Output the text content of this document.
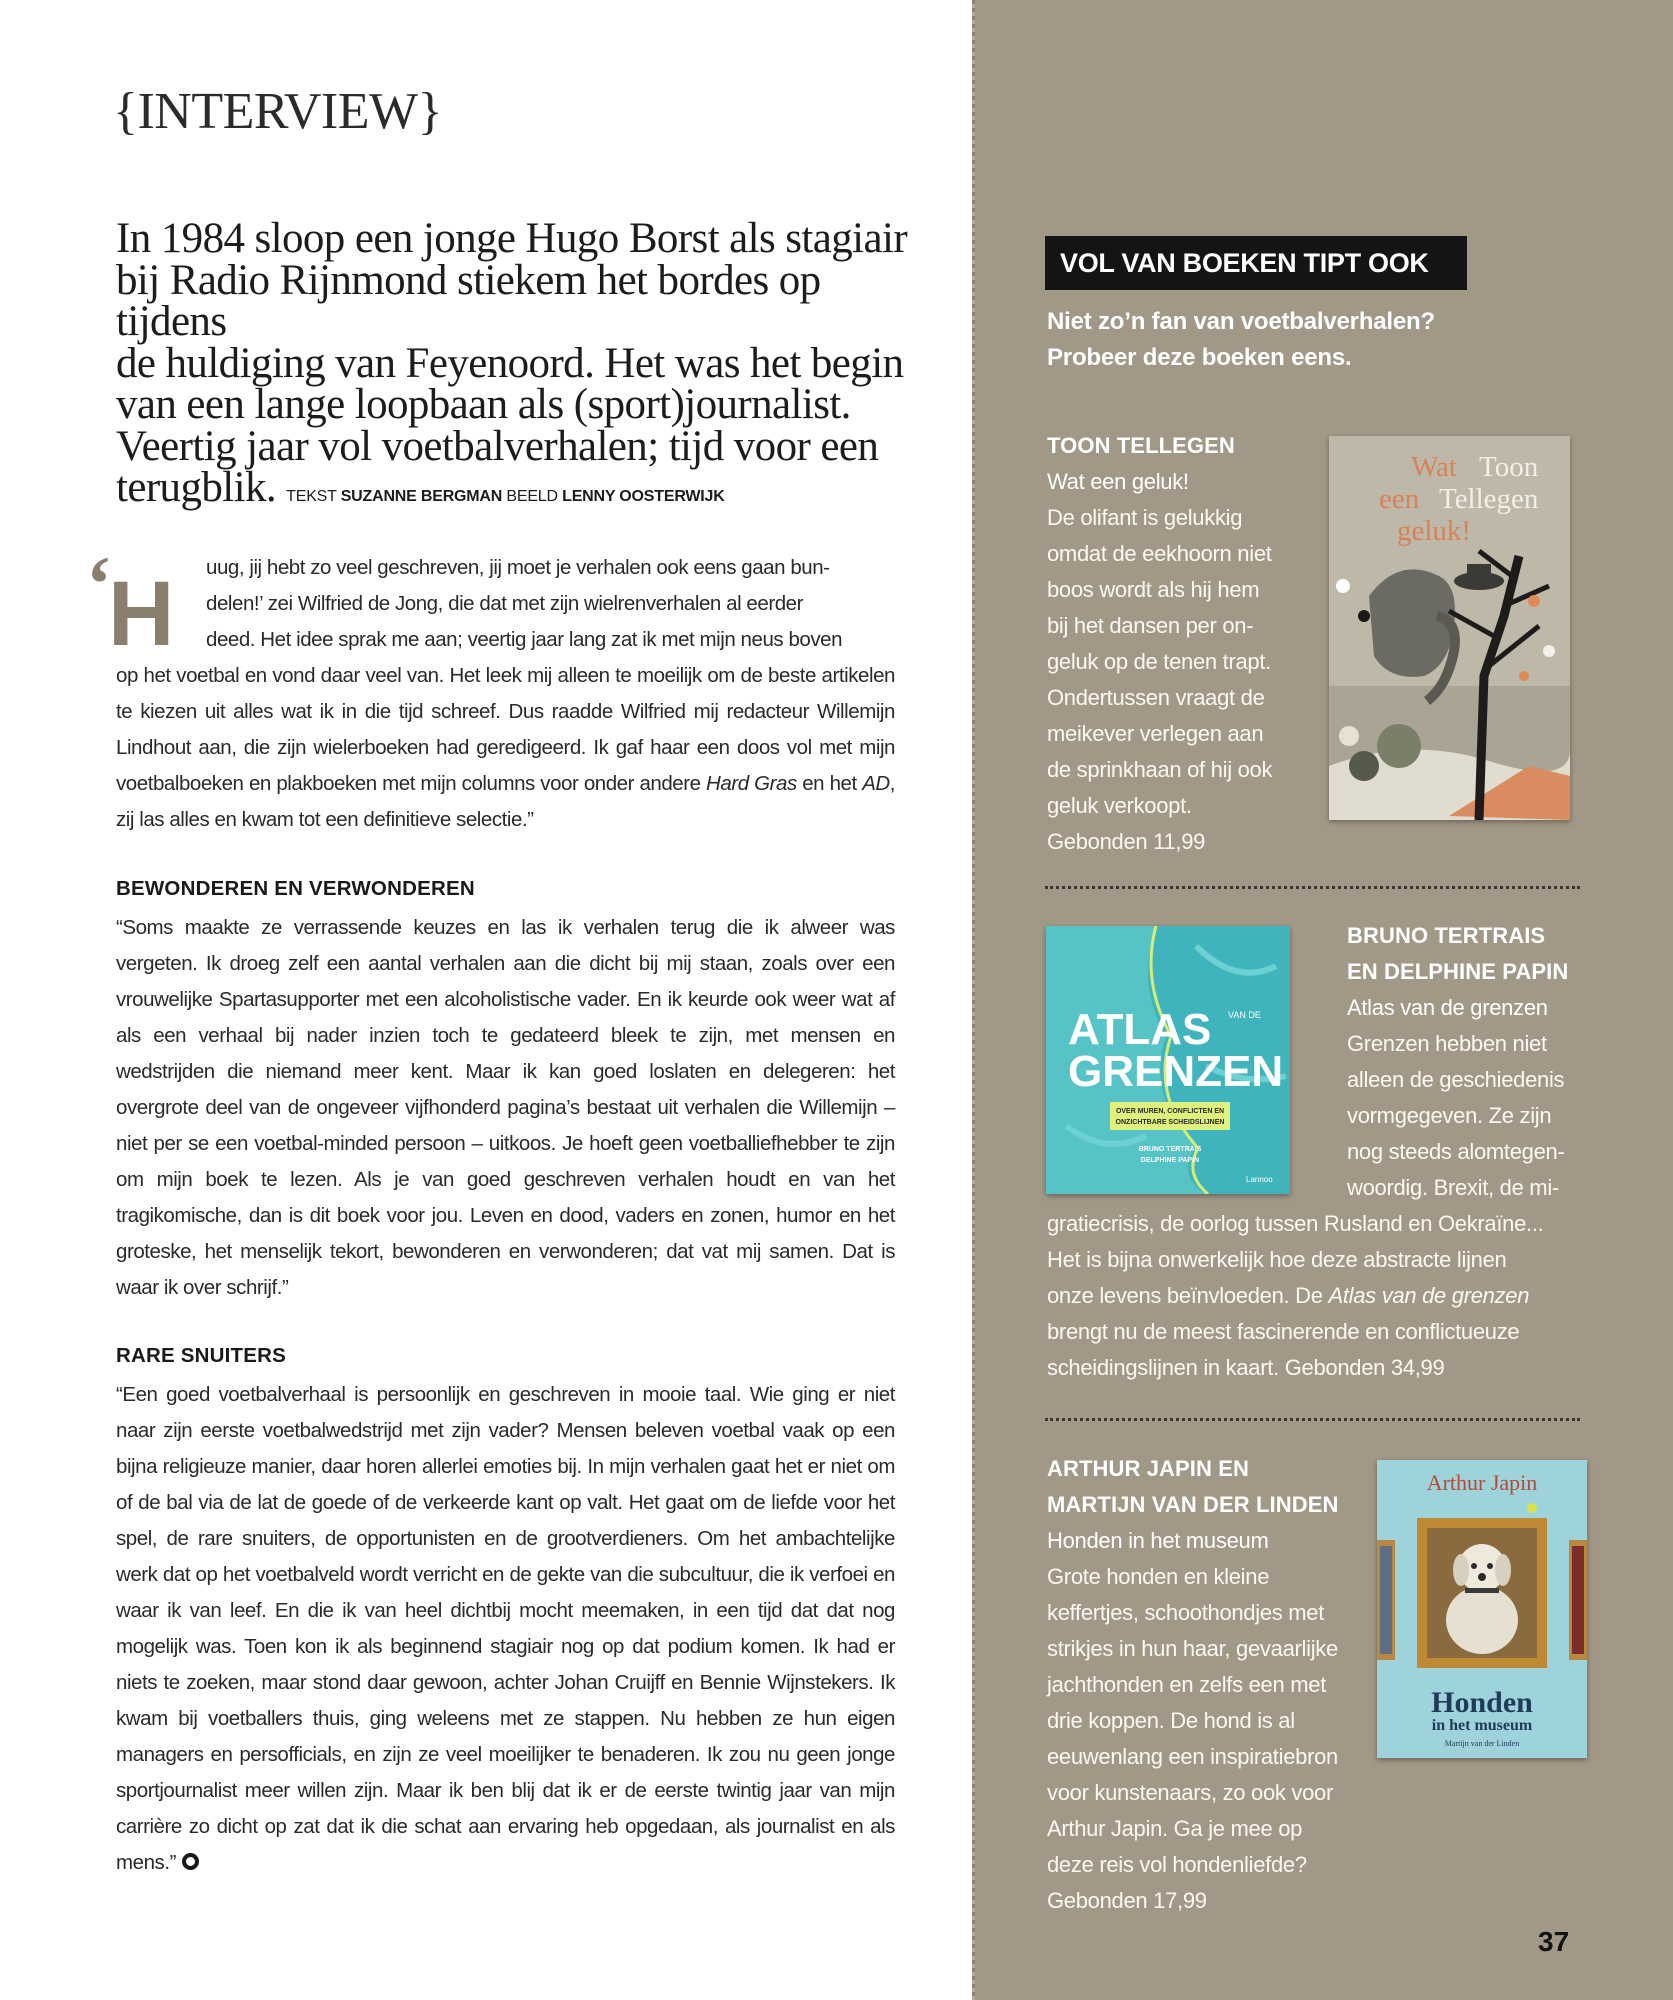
{INTERVIEW}
In 1984 sloop een jonge Hugo Borst als stagiair
bij Radio Rijnmond stiekem het bordes op tijdens
de huldiging van Feyenoord. Het was het begin
van een lange loopbaan als (sport)journalist.
Veertig jaar vol voetbalverhalen; tijd voor een
terugblik. TEKST SUZANNE BERGMAN BEELD LENNY OOSTERWIJK
‘
H uug, jij hebt zo veel geschreven, jij moet je verhalen ook eens gaan bun-
delen!’ zei Wilfried de Jong, die dat met zijn wielrenverhalen al eerder
deed. Het idee sprak me aan; veertig jaar lang zat ik met mijn neus boven

op het voetbal en vond daar veel van. Het leek mij alleen te moeilijk om de beste artikelen te kiezen uit alles wat ik in die tijd schreef. Dus raadde Wilfried mij redacteur Willemijn Lindhout aan, die zijn wielerboeken had geredigeerd. Ik gaf haar een doos vol met mijn voetbalboeken en plakboeken met mijn columns voor onder andere Hard Gras en het AD, zij las alles en kwam tot een definitieve selectie.”

BEWONDEREN EN VERWONDEREN
“Soms maakte ze verrassende keuzes en las ik verhalen terug die ik alweer was vergeten. Ik droeg zelf een aantal verhalen aan die dicht bij mij staan, zoals over een vrouwelijke Spartasupporter met een alcoholistische vader. En ik keurde ook weer wat af als een verhaal bij nader inzien toch te gedateerd bleek te zijn, met mensen en wedstrijden die niemand meer kent. Maar ik kan goed loslaten en delegeren: het overgrote deel van de ongeveer vijfhonderd pagina’s bestaat uit verhalen die Willemijn – niet per se een voetbal-minded persoon – uitkoos. Je hoeft geen voetballiefhebber te zijn om mijn boek te lezen. Als je van goed geschreven verhalen houdt en van het tragikomische, dan is dit boek voor jou. Leven en dood, vaders en zonen, humor en het groteske, het menselijk tekort, bewonderen en verwonderen; dat vat mij samen. Dat is waar ik over schrijf.”
RARE SNUITERS

“Een goed voetbalverhaal is persoonlijk en geschreven in mooie taal. Wie ging er niet naar zijn eerste voetbalwedstrijd met zijn vader? Mensen beleven voetbal vaak op een bijna religieuze manier, daar horen allerlei emoties bij. In mijn verhalen gaat het er niet om of de bal via de lat de goede of de verkeerde kant op valt. Het gaat om de liefde voor het spel, de rare snuiters, de opportunisten en de grootverdieners. Om het ambachtelijke werk dat op het voetbalveld wordt verricht en de gekte van die subcultuur, die ik verfoei en waar ik van leef. En die ik van heel dichtbij mocht meemaken, in een tijd dat dat nog mogelijk was. Toen kon ik als beginnend stagiair nog op dat podium komen. Ik had er niets te zoeken, maar stond daar gewoon, achter Johan Cruijff en Bennie Wijnstekers. Ik kwam bij voetballers thuis, ging weleens met ze stappen. Nu hebben ze hun eigen managers en persofficials, en zijn ze veel moeilijker te benaderen. Ik zou nu geen jonge sportjournalist meer willen zijn. Maar ik ben blij dat ik er de eerste twintig jaar van mijn carrière zo dicht op zat dat ik die schat aan ervaring heb opgedaan, als journalist en als mens.”

VOL VAN BOEKEN TIPT OOK
Niet zo’n fan van voetbalverhalen?
Probeer deze boeken eens.
TOON TELLEGEN
Wat een geluk!
De olifant is gelukkig
omdat de eekhoorn niet
boos wordt als hij hem
bij het dansen per on-
geluk op de tenen trapt.
Ondertussen vraagt de
meikever verlegen aan
de sprinkhaan of hij ook
geluk verkoopt.
Gebonden 11,99
Wat
een
geluk!
Toon
Tellegen
ATLAS VAN DE
GRENZEN
OVER MUREN, CONFLICTEN EN
ONZICHTBARE SCHEIDSLIJNEN
BRUNO TERTRAIS
DELPHINE PAPIN
Lannoo
BRUNO TERTRAIS
EN DELPHINE PAPIN
Atlas van de grenzen
Grenzen hebben niet
alleen de geschiedenis
vormgegeven. Ze zijn
nog steeds alomtegen-
woordig. Brexit, de mi-
gratiecrisis, de oorlog tussen Rusland en Oekraïne...
Het is bijna onwerkelijk hoe deze abstracte lijnen
onze levens beïnvloeden. De Atlas van de grenzen
brengt nu de meest fascinerende en conflictueuze
scheidingslijnen in kaart. Gebonden 34,99
ARTHUR JAPIN EN
MARTIJN VAN DER LINDEN
Honden in het museum
Grote honden en kleine
keffertjes, schoothondjes met
strikjes in hun haar, gevaarlijke
jachthonden en zelfs een met
drie koppen. De hond is al
eeuwenlang een inspiratiebron
voor kunstenaars, zo ook voor
Arthur Japin. Ga je mee op
deze reis vol hondenliefde?
Gebonden 17,99
Arthur Japin
Honden
in het museum
Martijn van der Linden
37
